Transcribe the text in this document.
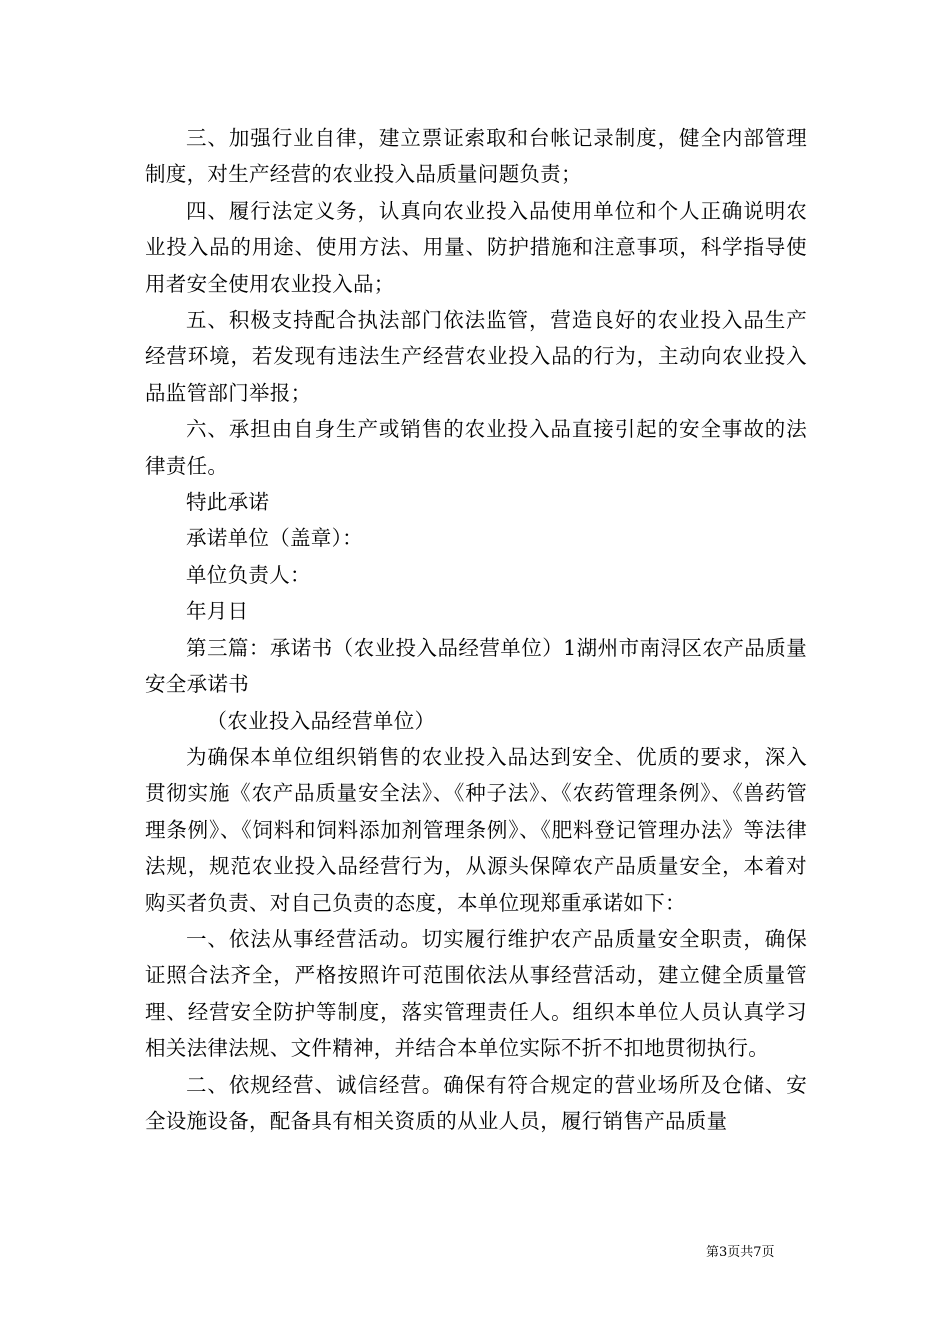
三、加强行业自律，建立票证索取和台帐记录制度，健全内部管理制度，对生产经营的农业投入品质量问题负责；

四、履行法定义务，认真向农业投入品使用单位和个人正确说明农业投入品的用途、使用方法、用量、防护措施和注意事项，科学指导使用者安全使用农业投入品；

五、积极支持配合执法部门依法监管，营造良好的农业投入品生产经营环境，若发现有违法生产经营农业投入品的行为，主动向农业投入品监管部门举报；

六、承担由自身生产或销售的农业投入品直接引起的安全事故的法律责任。

特此承诺

承诺单位（盖章）：

单位负责人：

年月日

第三篇：承诺书（农业投入品经营单位）1湖州市南浔区农产品质量安全承诺书

（农业投入品经营单位）

为确保本单位组织销售的农业投入品达到安全、优质的要求，深入贯彻实施《农产品质量安全法》、《种子法》、《农药管理条例》、《兽药管理条例》、《饲料和饲料添加剂管理条例》、《肥料登记管理办法》等法律法规，规范农业投入品经营行为，从源头保障农产品质量安全，本着对购买者负责、对自己负责的态度，本单位现郑重承诺如下：

一、依法从事经营活动。切实履行维护农产品质量安全职责，确保证照合法齐全，严格按照许可范围依法从事经营活动，建立健全质量管理、经营安全防护等制度，落实管理责任人。组织本单位人员认真学习相关法律法规、文件精神，并结合本单位实际不折不扣地贯彻执行。

二、依规经营、诚信经营。确保有符合规定的营业场所及仓储、安全设施设备，配备具有相关资质的从业人员，履行销售产品质量

第3页共7页
